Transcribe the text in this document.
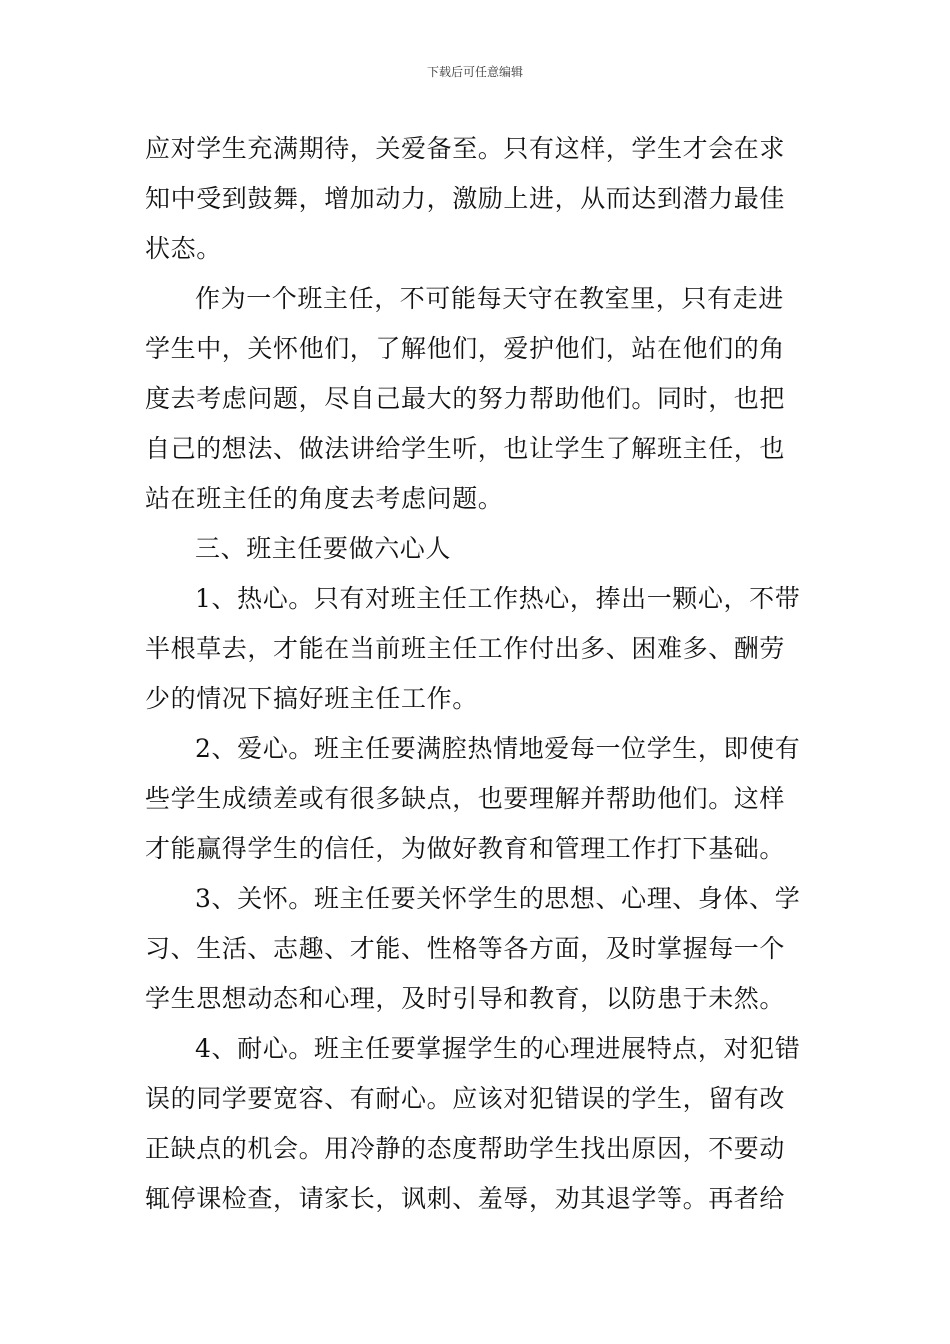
下载后可任意编辑
应对学生充满期待，关爱备至。只有这样，学生才会在求
知中受到鼓舞，增加动力，激励上进，从而达到潜力最佳
状态。
作为一个班主任，不可能每天守在教室里，只有走进
学生中，关怀他们，了解他们，爱护他们，站在他们的角
度去考虑问题，尽自己最大的努力帮助他们。同时，也把
自己的想法、做法讲给学生听，也让学生了解班主任，也
站在班主任的角度去考虑问题。
三、班主任要做六心人
1、热心。只有对班主任工作热心，捧出一颗心，不带
半根草去，才能在当前班主任工作付出多、困难多、酬劳
少的情况下搞好班主任工作。
2、爱心。班主任要满腔热情地爱每一位学生，即使有
些学生成绩差或有很多缺点，也要理解并帮助他们。这样
才能赢得学生的信任，为做好教育和管理工作打下基础。
3、关怀。班主任要关怀学生的思想、心理、身体、学
习、生活、志趣、才能、性格等各方面，及时掌握每一个
学生思想动态和心理，及时引导和教育，以防患于未然。
4、耐心。班主任要掌握学生的心理进展特点，对犯错
误的同学要宽容、有耐心。应该对犯错误的学生，留有改
正缺点的机会。用冷静的态度帮助学生找出原因，不要动
辄停课检查，请家长，讽刺、羞辱，劝其退学等。再者给
